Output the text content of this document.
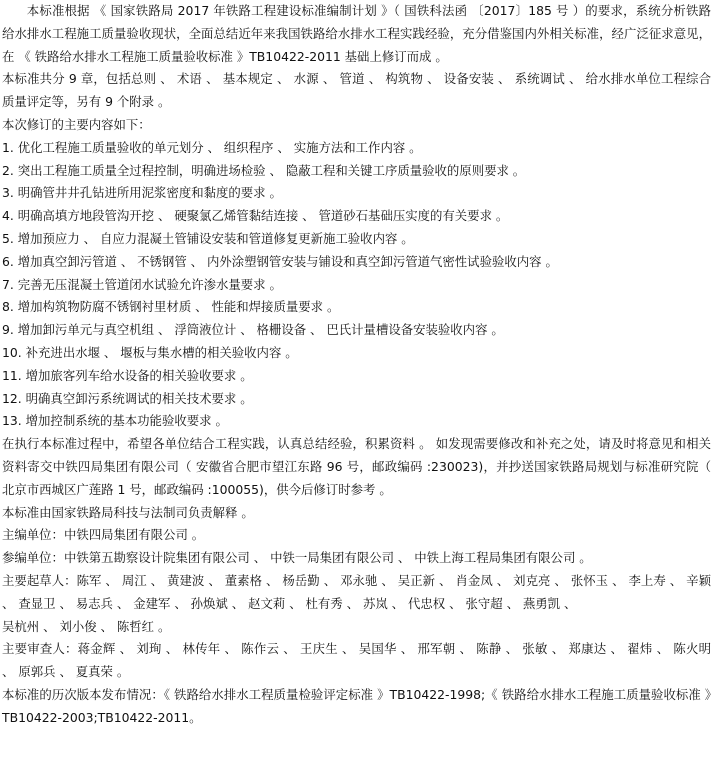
本标准根据 《 国家铁路局 2017 年铁路工程建设标准编制计划 》（ 国铁科法函 〔2017〕185 号 ）的要求，系统分析铁路给水排水工程施工质量验收现状，全面总结近年来我国铁路给水排水工程实践经验，充分借鉴国内外相关标准，经广泛征求意见，在 《 铁路给水排水工程施工质量验收标准 》TB10422-2011 基础上修订而成 。

本标准共分 9 章，包括总则 、 术语 、 基本规定 、 水源 、 管道 、 构筑物 、 设备安装 、 系统调试 、 给水排水单位工程综合质量评定等，另有 9 个附录 。

本次修订的主要内容如下：

1. 优化工程施工质量验收的单元划分 、 组织程序 、 实施方法和工作内容 。

2. 突出工程施工质量全过程控制，明确进场检验 、 隐蔽工程和关键工序质量验收的原则要求 。

3. 明确管井井孔钻进所用泥浆密度和黏度的要求 。

4. 明确高填方地段管沟开挖 、 硬聚氯乙烯管黏结连接 、 管道砂石基础压实度的有关要求 。

5. 增加预应力 、 自应力混凝土管铺设安装和管道修复更新施工验收内容 。

6. 增加真空卸污管道 、 不锈钢管 、 内外涂塑钢管安装与铺设和真空卸污管道气密性试验验收内容 。

7. 完善无压混凝土管道闭水试验允许渗水量要求 。

8. 增加构筑物防腐不锈钢衬里材质 、 性能和焊接质量要求 。

9. 增加卸污单元与真空机组 、 浮筒液位计 、 格栅设备 、 巴氏计量槽设备安装验收内容 。

10. 补充进出水堰 、 堰板与集水槽的相关验收内容 。

11. 增加旅客列车给水设备的相关验收要求 。

12. 明确真空卸污系统调试的相关技术要求 。

13. 增加控制系统的基本功能验收要求 。

在执行本标准过程中，希望各单位结合工程实践，认真总结经验，积累资料 。 如发现需要修改和补充之处，请及时将意见和相关资料寄交中铁四局集团有限公司（ 安徽省合肥市望江东路 96 号，邮政编码 :230023)，并抄送国家铁路局规划与标准研究院（ 北京市西城区广莲路 1 号，邮政编码 :100055)，供今后修订时参考 。

本标准由国家铁路局科技与法制司负责解释 。

主编单位：中铁四局集团有限公司 。

参编单位：中铁第五勘察设计院集团有限公司 、 中铁一局集团有限公司 、 中铁上海工程局集团有限公司 。

主要起草人：陈军 、 周江 、 黄建波 、 董素格 、 杨岳勤 、 邓永驰 、 吴正新 、 肖金凤 、 刘克亮 、 张怀玉 、 李上寿 、 辛颖 、 查显卫 、 易志兵 、 金建军 、 孙焕斌 、 赵文莉 、 杜有秀 、 苏岚 、 代忠权 、 张守超 、 燕勇凯 、

吴杭州 、 刘小俊 、 陈哲红 。

主要审查人：蒋金辉 、 刘珣 、 林传年 、 陈作云 、 王庆生 、 吴国华 、 邢军朝 、 陈静 、 张敏 、 郑康达 、 翟炜 、 陈火明 、 原郭兵 、 夏真荣 。

本标准的历次版本发布情况：《 铁路给水排水工程质量检验评定标准 》TB10422-1998;《 铁路给水排水工程施工质量验收标准 》TB10422-2003;TB10422-2011。
